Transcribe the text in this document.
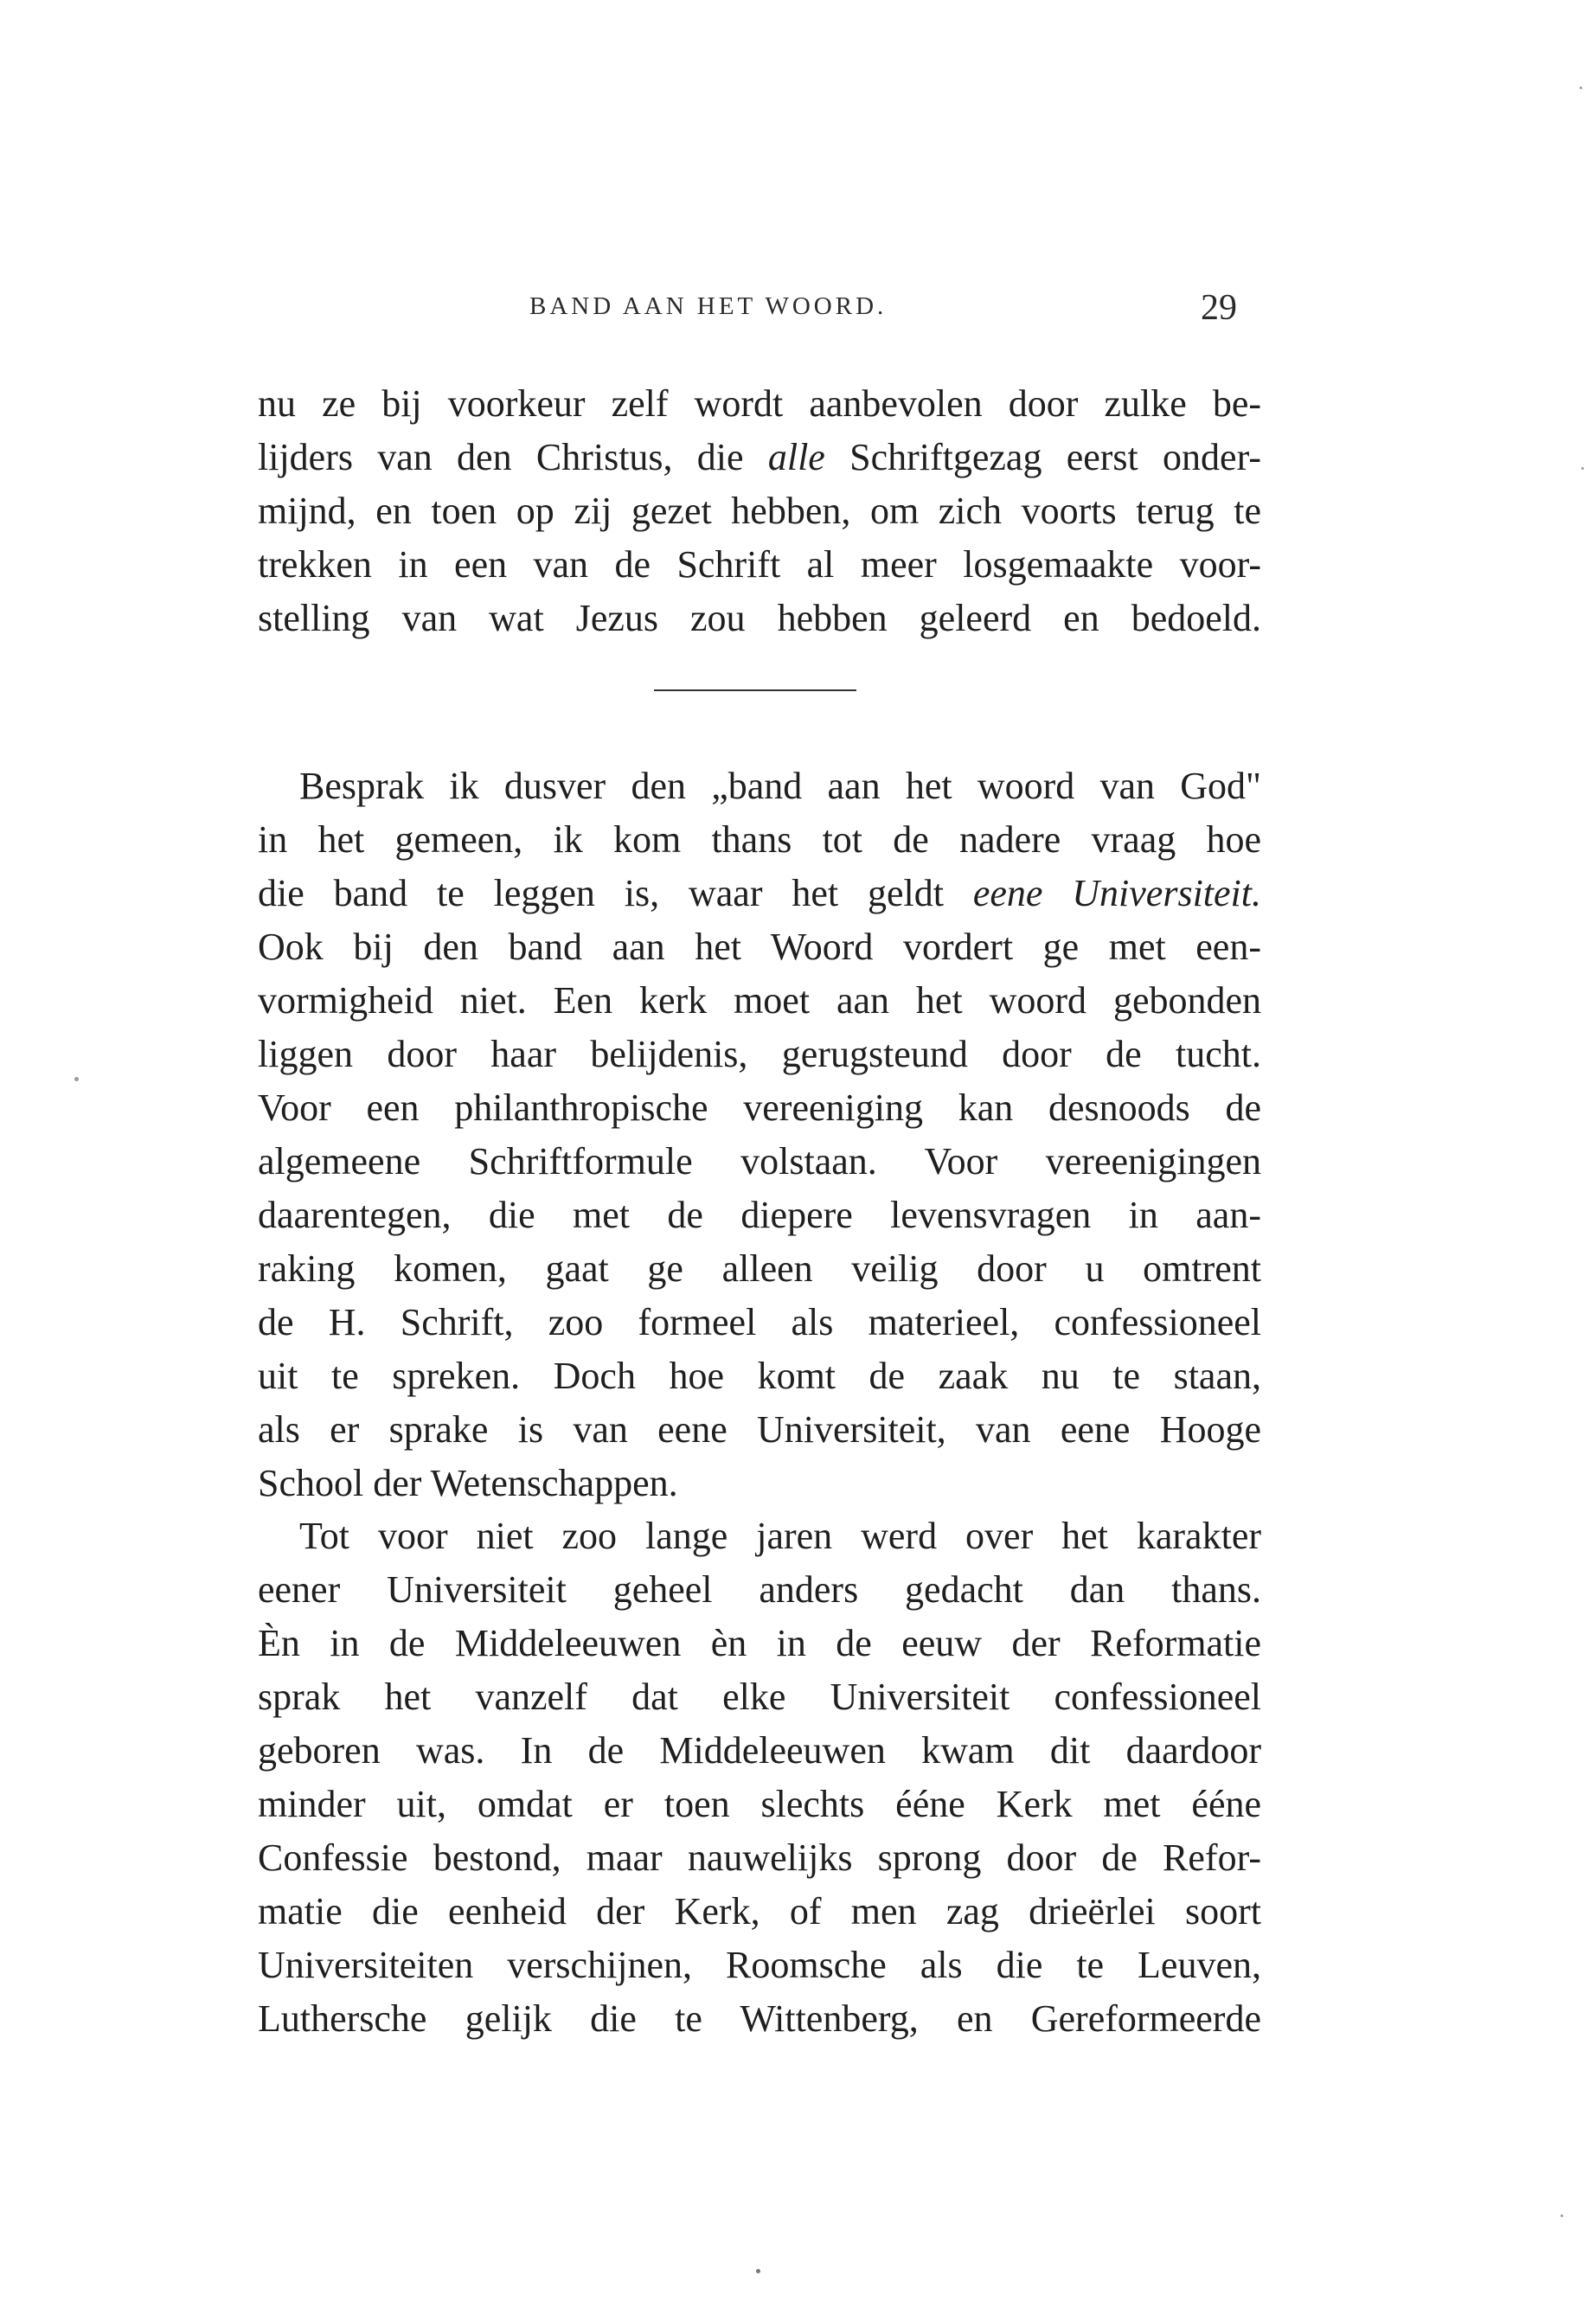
BAND AAN HET WOORD.	29
nu ze bij voorkeur zelf wordt aanbevolen door zulke be-
lijders van den Christus, die alle Schriftgezag eerst onder-
mijnd, en toen op zij gezet hebben, om zich voorts terug te
trekken in een van de Schrift al meer losgemaakte voor-
stelling van wat Jezus zou hebben geleerd en bedoeld.
Besprak ik dusver den „band aan het woord van God"
in het gemeen, ik kom thans tot de nadere vraag hoe
die band te leggen is, waar het geldt eene Universiteit.
Ook bij den band aan het Woord vordert ge met een-
vormigheid niet. Een kerk moet aan het woord gebonden
liggen door haar belijdenis, gerugsteund door de tucht.
Voor een philanthropische vereeniging kan desnoods de
algemeene Schriftformule volstaan. Voor vereenigingen
daarentegen, die met de diepere levensvragen in aan-
raking komen, gaat ge alleen veilig door u omtrent
de H. Schrift, zoo formeel als materieel, confessioneel
uit te spreken. Doch hoe komt de zaak nu te staan,
als er sprake is van eene Universiteit, van eene Hooge
School der Wetenschappen.
Tot voor niet zoo lange jaren werd over het karakter
eener Universiteit geheel anders gedacht dan thans.
Èn in de Middeleeuwen èn in de eeuw der Reformatie
sprak het vanzelf dat elke Universiteit confessioneel
geboren was. In de Middeleeuwen kwam dit daardoor
minder uit, omdat er toen slechts ééne Kerk met ééne
Confessie bestond, maar nauwelijks sprong door de Refor-
matie die eenheid der Kerk, of men zag drieërlei soort
Universiteiten verschijnen, Roomsche als die te Leuven,
Luthersche gelijk die te Wittenberg, en Gereformeerde
